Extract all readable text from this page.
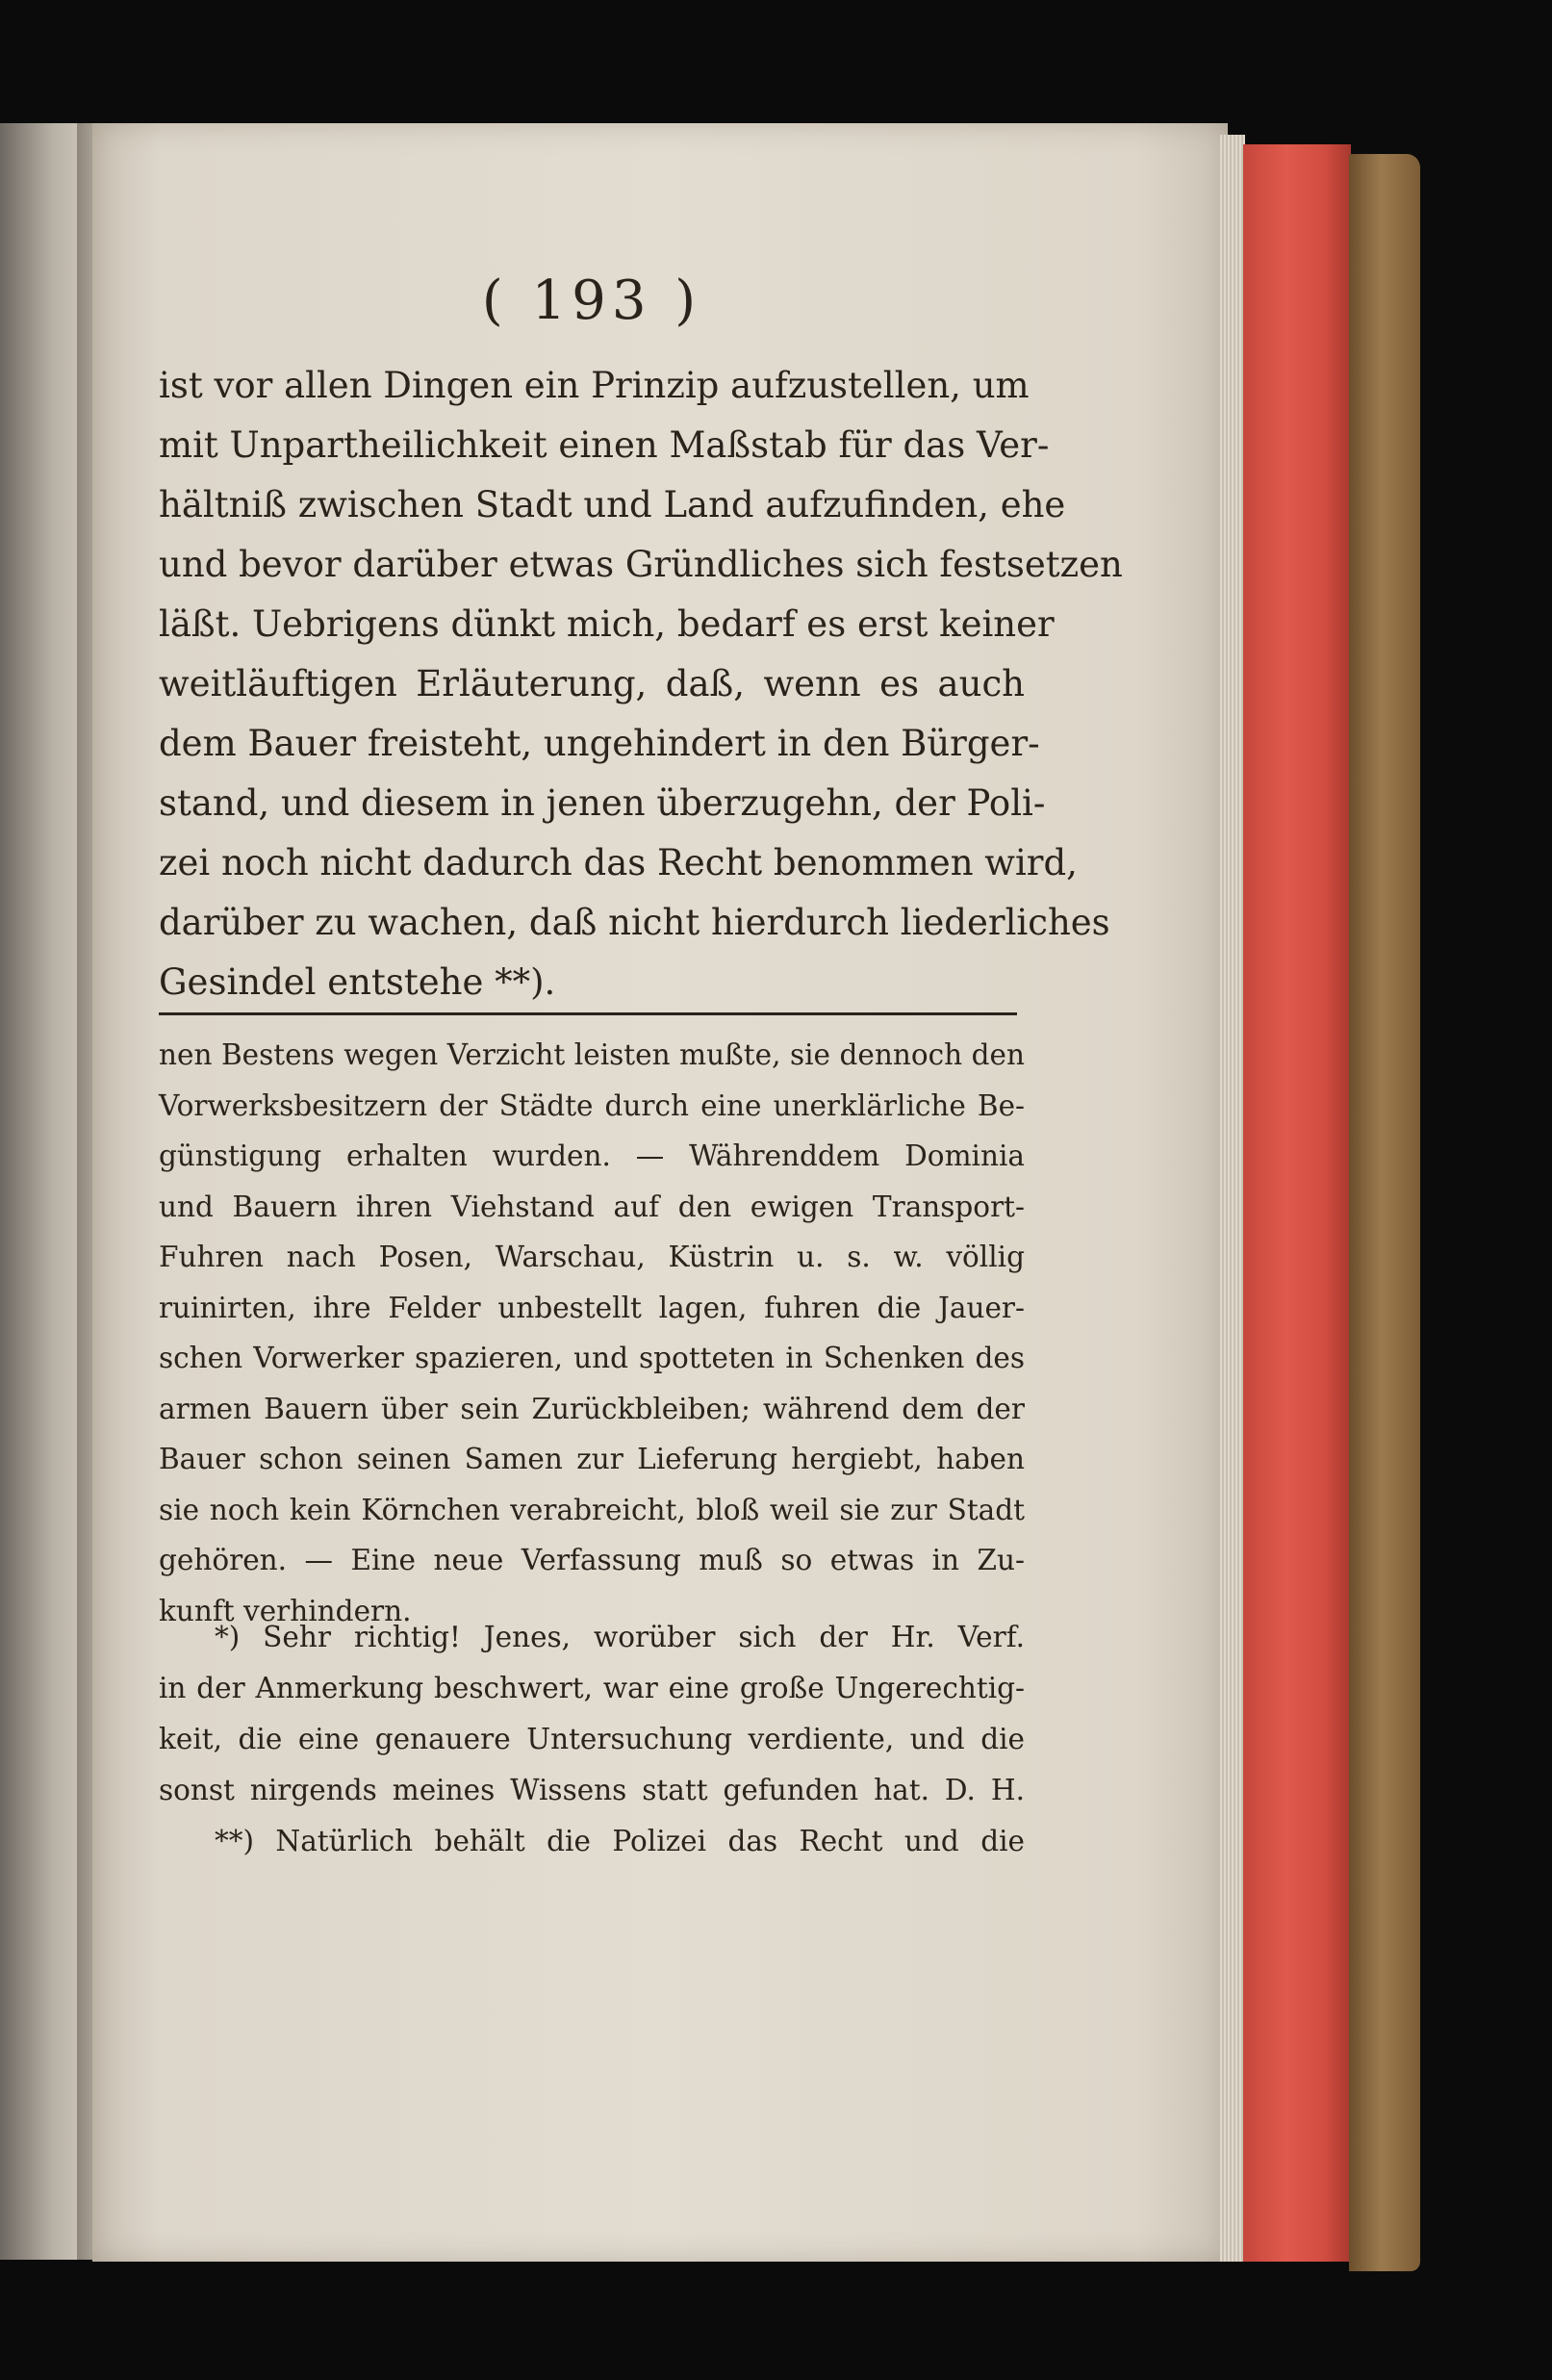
( 193 )
ist vor allen Dingen ein Prinzip aufzustellen, um
mit Unpartheilichkeit einen Maßstab für das Ver-
hältniß zwischen Stadt und Land aufzufinden, ehe
und bevor darüber etwas Gründliches sich festsetzen
läßt. Uebrigens dünkt mich, bedarf es erst keiner
weitläuftigen Erläuterung, daß, wenn es auch
dem Bauer freisteht, ungehindert in den Bürger-
stand, und diesem in jenen überzugehn, der Poli-
zei noch nicht dadurch das Recht benommen wird,
darüber zu wachen, daß nicht hierdurch liederliches
Gesindel entstehe **).
nen Bestens wegen Verzicht leisten mußte, sie dennoch den
Vorwerksbesitzern der Städte durch eine unerklärliche Be-
günstigung erhalten wurden. — Währenddem Dominia
und Bauern ihren Viehstand auf den ewigen Transport-
Fuhren nach Posen, Warschau, Küstrin u. s. w. völlig
ruinirten, ihre Felder unbestellt lagen, fuhren die Jauer-
schen Vorwerker spazieren, und spotteten in Schenken des
armen Bauern über sein Zurückbleiben; während dem der
Bauer schon seinen Samen zur Lieferung hergiebt, haben
sie noch kein Körnchen verabreicht, bloß weil sie zur Stadt
gehören. — Eine neue Verfassung muß so etwas in Zu-
kunft verhindern.
*) Sehr richtig! Jenes, worüber sich der Hr. Verf.
in der Anmerkung beschwert, war eine große Ungerechtig-
keit, die eine genauere Untersuchung verdiente, und die
sonst nirgends meines Wissens statt gefunden hat. D. H.
**) Natürlich behält die Polizei das Recht und die
